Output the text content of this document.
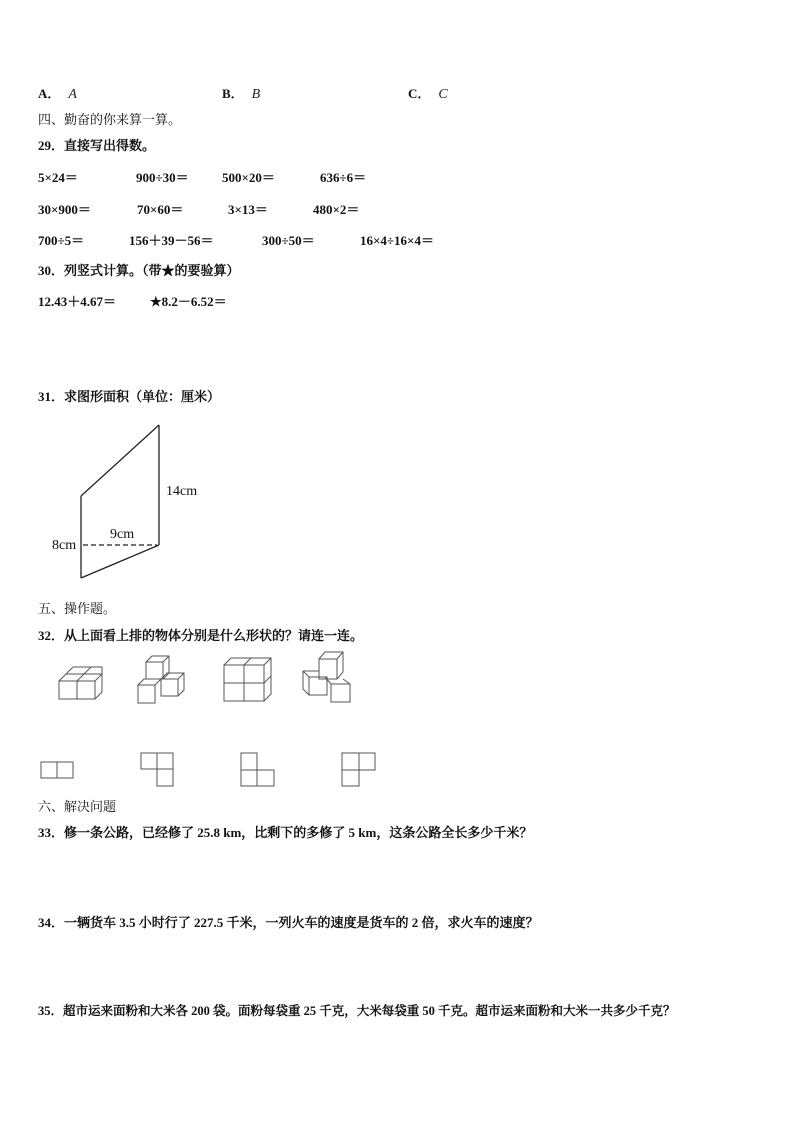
A． A	B． B	C． C
四、勤奋的你来算一算。
29．直接写出得数。
5×24＝	900÷30＝	500×20＝	636÷6＝
30×900＝	70×60＝	3×13＝	480×2＝
700÷5＝	156＋39－56＝	300÷50＝	16×4÷16×4＝
30．列竖式计算。（带★的要验算）
12.43＋4.67＝	★8.2－6.52＝
31．求图形面积（单位：厘米）
14cm
8cm
9cm
五、操作题。
32．从上面看上排的物体分别是什么形状的？请连一连。
六、解决问题
33．修一条公路，已经修了 25.8 km，比剩下的多修了 5 km，这条公路全长多少千米？
34．一辆货车 3.5 小时行了 227.5 千米，一列火车的速度是货车的 2 倍，求火车的速度？
35．超市运来面粉和大米各 200 袋。面粉每袋重 25 千克，大米每袋重 50 千克。超市运来面粉和大米一共多少千克？
